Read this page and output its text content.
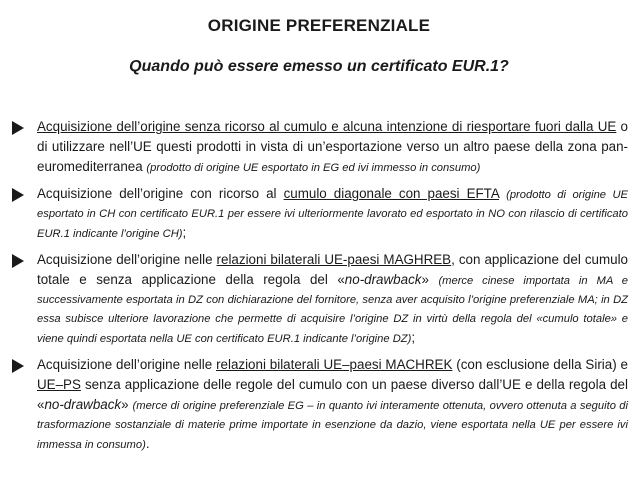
ORIGINE PREFERENZIALE
Quando può essere emesso un certificato EUR.1?
Acquisizione dell’origine senza ricorso al cumulo e alcuna intenzione di riesportare fuori dalla UE o di utilizzare nell’UE questi prodotti in vista di un’esportazione verso un altro paese della zona pan-euromediterranea (prodotto di origine UE esportato in EG ed ivi immesso in consumo)
Acquisizione dell’origine con ricorso al cumulo diagonale con paesi EFTA (prodotto di origine UE esportato in CH con certificato EUR.1 per essere ivi ulteriormente lavorato ed esportato in NO con rilascio di certificato EUR.1 indicante l’origine CH);
Acquisizione dell’origine nelle relazioni bilaterali UE-paesi MAGHREB, con applicazione del cumulo totale e senza applicazione della regola del «no-drawback» (merce cinese importata in MA e successivamente esportata in DZ con dichiarazione del fornitore, senza aver acquisito l’origine preferenziale MA; in DZ essa subisce ulteriore lavorazione che permette di acquisire l’origine DZ in virtù della regola del «cumulo totale» e viene quindi esportata nella UE con certificato EUR.1 indicante l’origine DZ);
Acquisizione dell’origine nelle relazioni bilaterali UE–paesi MACHREK (con esclusione della Siria) e UE–PS senza applicazione delle regole del cumulo con un paese diverso dall’UE e della regola del «no-drawback» (merce di origine preferenziale EG – in quanto ivi interamente ottenuta, ovvero ottenuta a seguito di trasformazione sostanziale di materie prime importate in esenzione da dazio, viene esportata nella UE per essere ivi immessa in consumo).
